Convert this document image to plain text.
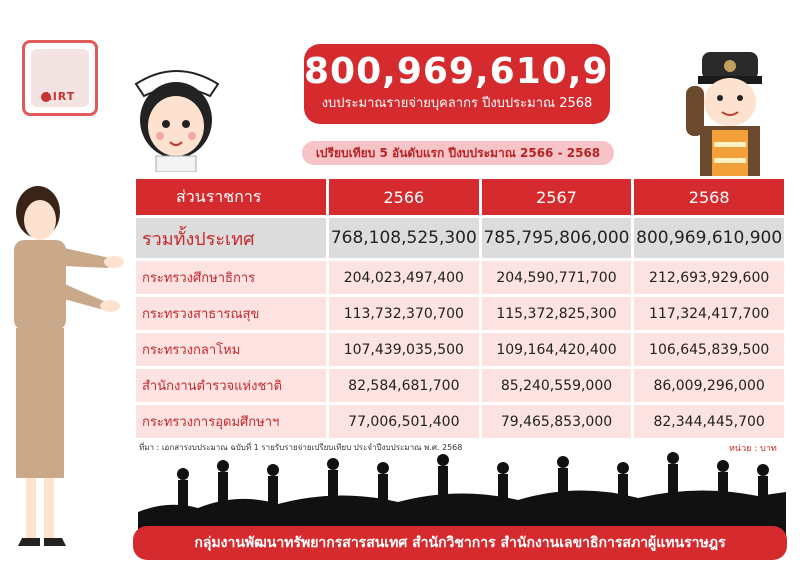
LIRT
800,969,610,900
งบประมาณรายจ่ายบุคลากร ปีงบประมาณ 2568
เปรียบเทียบ 5 อันดับแรก ปีงบประมาณ 2566 - 2568
ส่วนราชการ	2566	2567	2568
รวมทั้งประเทศ	768,108,525,300	785,795,806,000	800,969,610,900
กระทรวงศึกษาธิการ	204,023,497,400	204,590,771,700	212,693,929,600
กระทรวงสาธารณสุข	113,732,370,700	115,372,825,300	117,324,417,700
กระทรวงกลาโหม	107,439,035,500	109,164,420,400	106,645,839,500
สำนักงานตำรวจแห่งชาติ	82,584,681,700	85,240,559,000	86,009,296,000
กระทรวงการอุดมศึกษาฯ	77,006,501,400	79,465,853,000	82,344,445,700
ที่มา : เอกสารงบประมาณ ฉบับที่ 1 รายรับรายจ่ายเปรียบเทียบ ประจำปีงบประมาณ พ.ศ. 2568	หน่วย : บาท
กลุ่มงานพัฒนาทรัพยากรสารสนเทศ สำนักวิชาการ สำนักงานเลขาธิการสภาผู้แทนราษฎร
